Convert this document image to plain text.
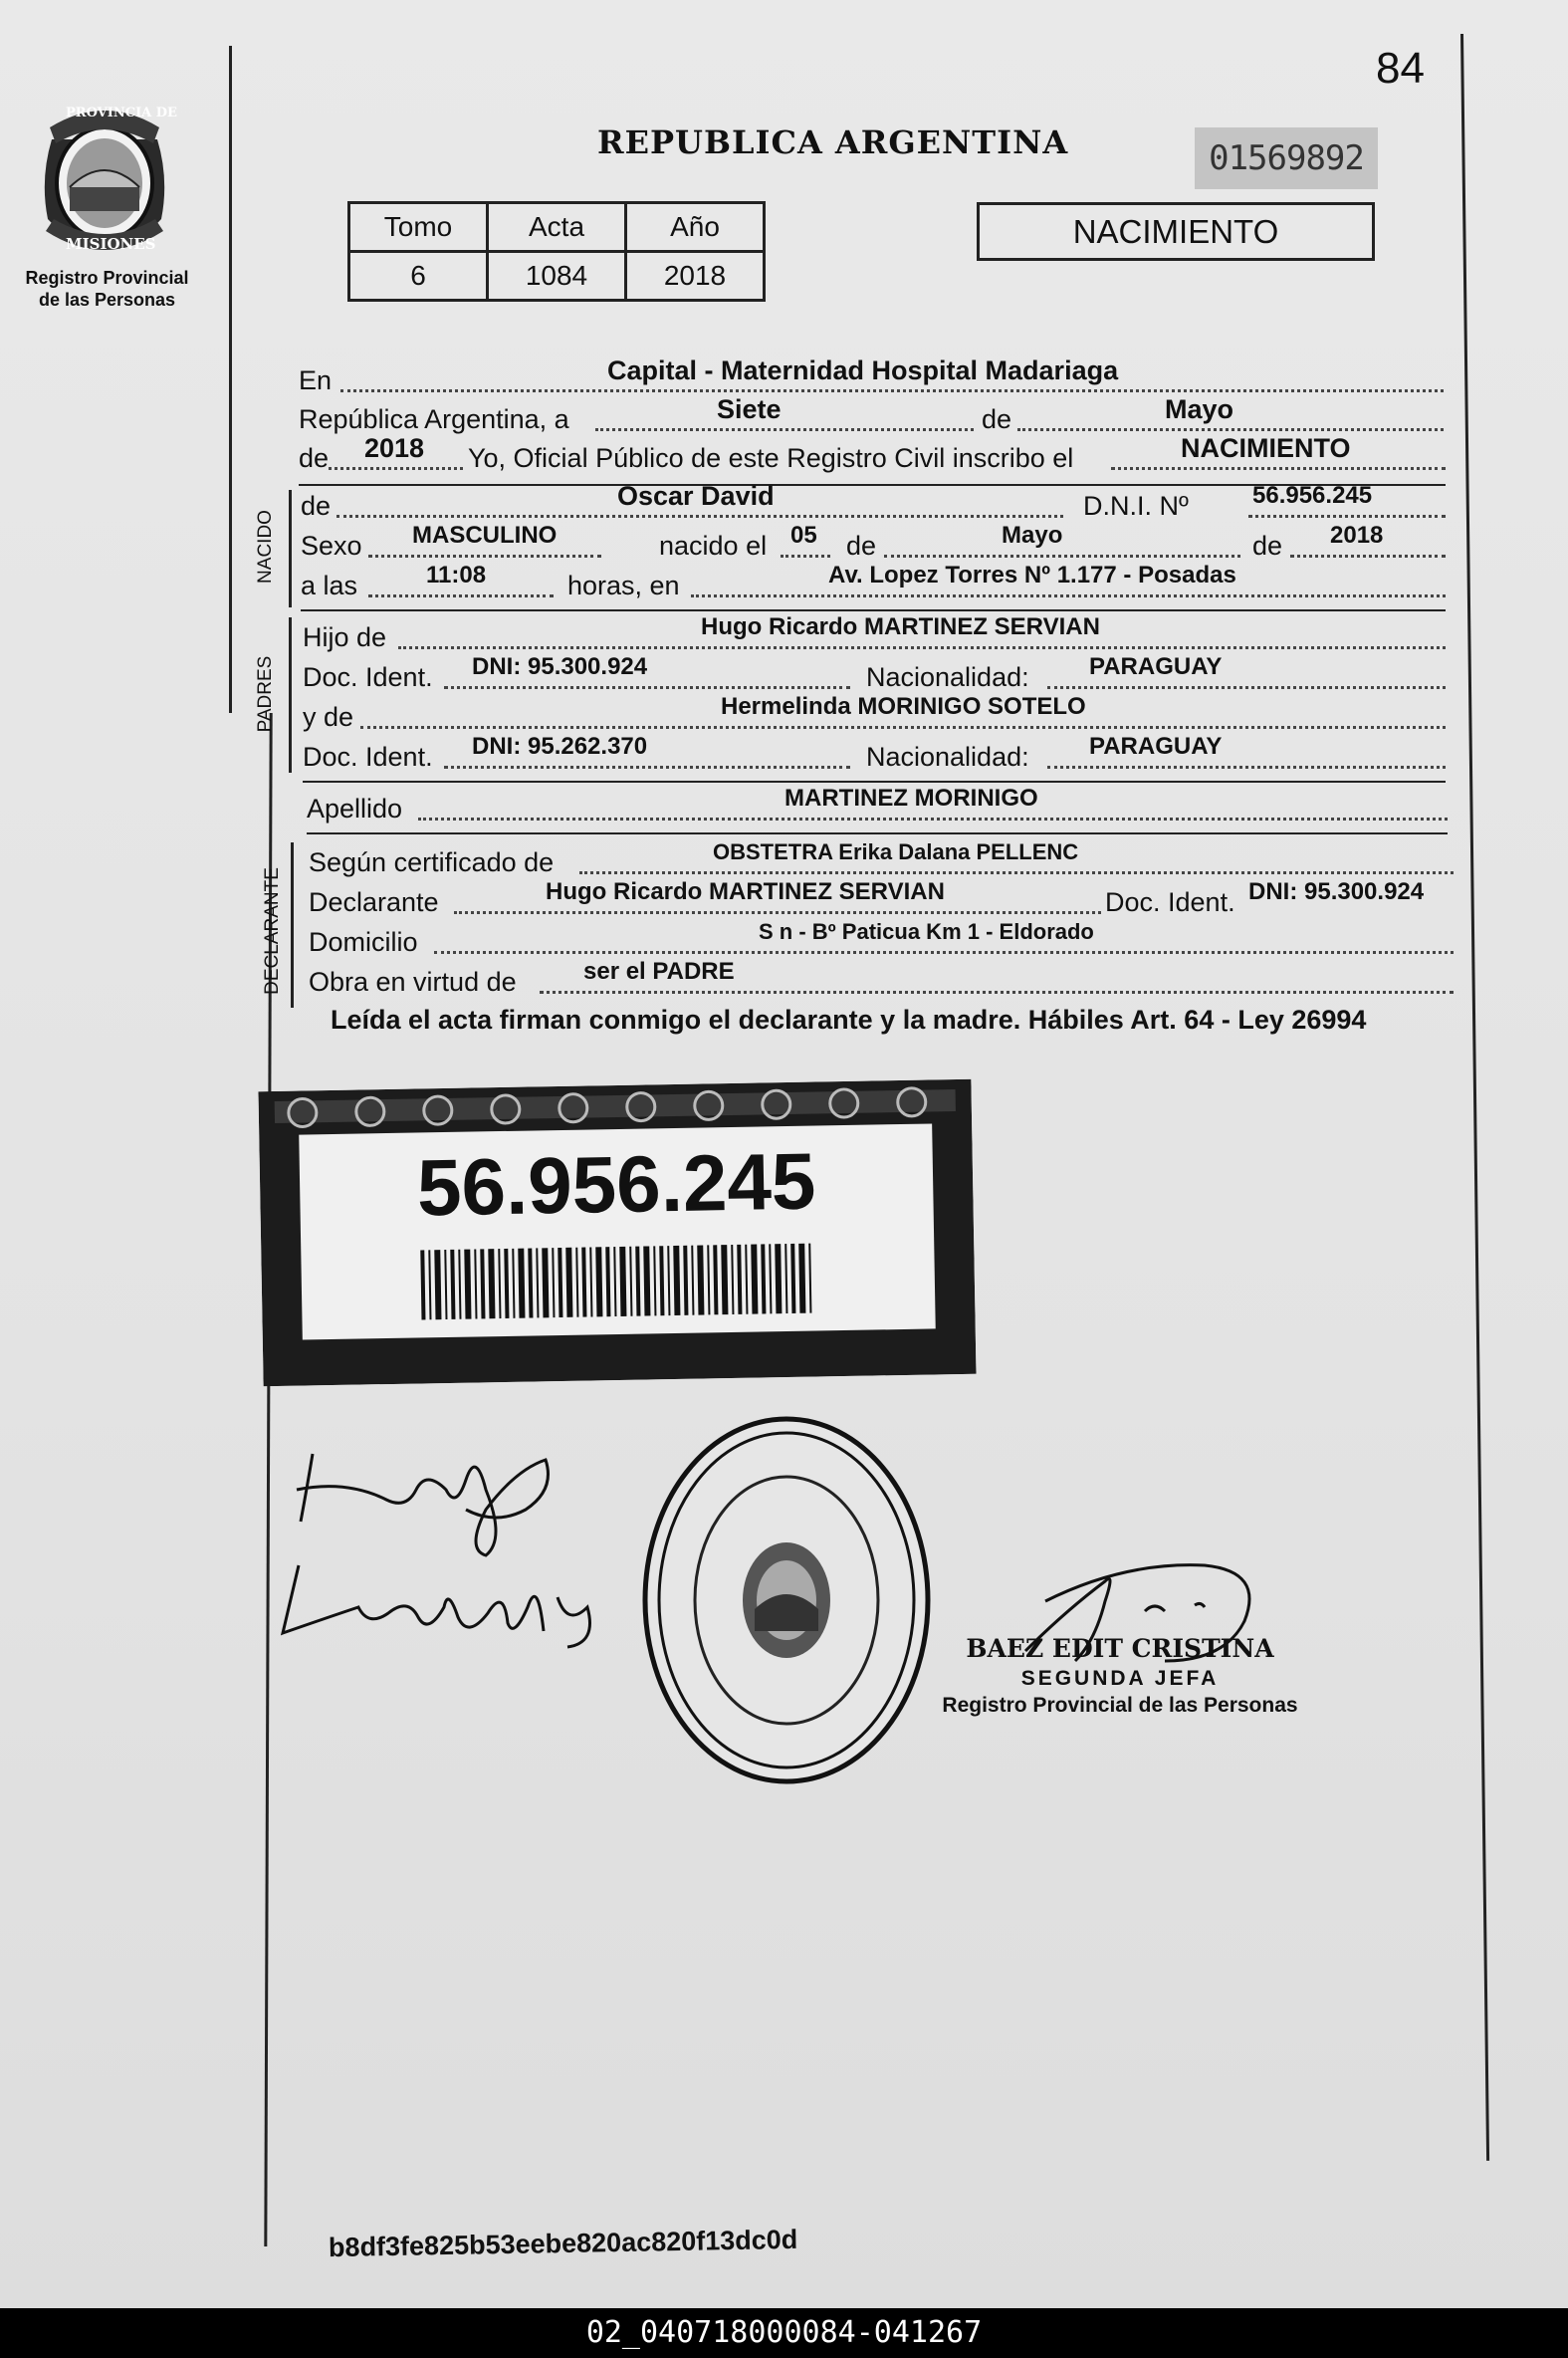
PROVINCIA DE
MISIONES
Registro Provincial
de las Personas
84
REPUBLICA ARGENTINA	01569892
Tomo	Acta	Año
6	1084	2018
NACIMIENTO
En	Capital - Maternidad Hospital Madariaga
República Argentina, a	Siete	de	Mayo
de 2018 Yo, Oficial Público de este Registro Civil inscribo el	NACIMIENTO
NACIDO
de	Oscar David	D.N.I. Nº	56.956.245
Sexo MASCULINO	nacido el 05 de	Mayo	de 2018
a las	11:08	horas, en	Av. Lopez Torres Nº 1.177 - Posadas
PADRES
Hijo de	Hugo Ricardo MARTINEZ SERVIAN
Doc. Ident. DNI: 95.300.924	Nacionalidad:	PARAGUAY
y de	Hermelinda MORINIGO SOTELO
Doc. Ident. DNI: 95.262.370	Nacionalidad:	PARAGUAY
Apellido	MARTINEZ MORINIGO
DECLARANTE
Según certificado de	OBSTETRA Erika Dalana PELLENC
Declarante	Hugo Ricardo MARTINEZ SERVIAN	Doc. Ident. DNI: 95.300.924
Domicilio	S n - Bº Paticua Km 1 - Eldorado
Obra en virtud de	ser el PADRE
Leída el acta firman conmigo el declarante y la madre. Hábiles Art. 64 - Ley 26994
56.956.245
BAEZ EDIT CRISTINA
SEGUNDA JEFA
Registro Provincial de las Personas
b8df3fe825b53eebe820ac820f13dc0d
02_040718000084-041267
